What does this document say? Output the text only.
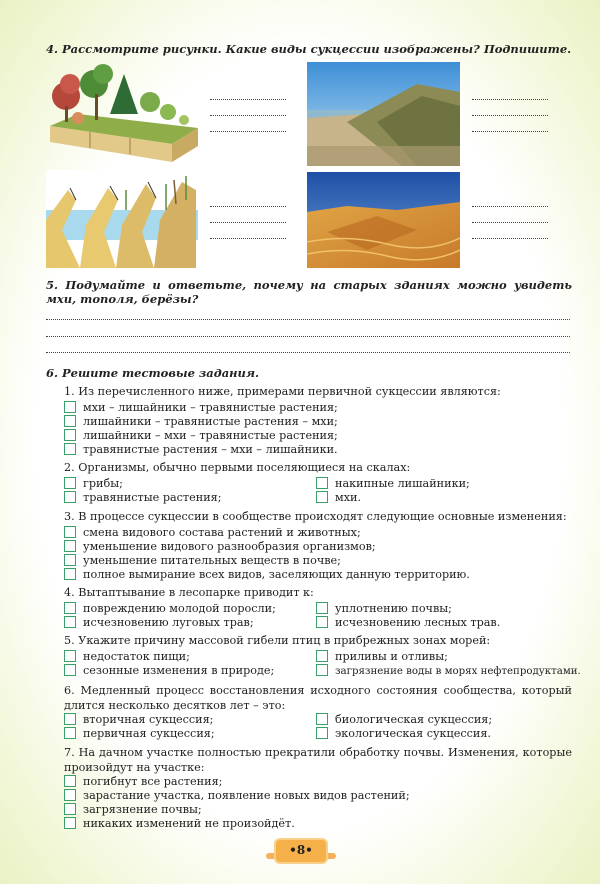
4. Рассмотрите рисунки. Какие виды сукцессии изображены? Подпишите.
5. Подумайте и ответьте, почему на старых зданиях можно увидеть мхи, тополя, берёзы?
6. Решите тестовые задания.
1. Из перечисленного ниже, примерами первичной сукцессии являются:
мхи – лишайники – травянистые растения;
лишайники – травянистые растения – мхи;
лишайники – мхи – травянистые растения;
травянистые растения – мхи – лишайники.
2. Организмы, обычно первыми поселяющиеся на скалах:
грибы;	накипные лишайники;
травянистые растения;	мхи.
3. В процессе сукцессии в сообществе происходят следующие основные изменения:
смена видового состава растений и животных;
уменьшение видового разнообразия организмов;
уменьшение питательных веществ в почве;
полное вымирание всех видов, заселяющих данную территорию.
4. Вытаптывание в лесопарке приводит к:
повреждению молодой поросли;	уплотнению почвы;
исчезновению луговых трав;	исчезновению лесных трав.
5. Укажите причину массовой гибели птиц в прибрежных зонах морей:
недостаток пищи;	приливы и отливы;
сезонные изменения в природе;	загрязнение воды в морях нефтепродуктами.
6. Медленный процесс восстановления исходного состояния сообщества, который длится несколько десятков лет – это:
вторичная сукцессия;	биологическая сукцессия;
первичная сукцессия;	экологическая сукцессия.
7. На дачном участке полностью прекратили обработку почвы. Изменения, которые произойдут на участке:
погибнут все растения;
зарастание участка, появление новых видов растений;
загрязнение почвы;
никаких изменений не произойдёт.
•8•
